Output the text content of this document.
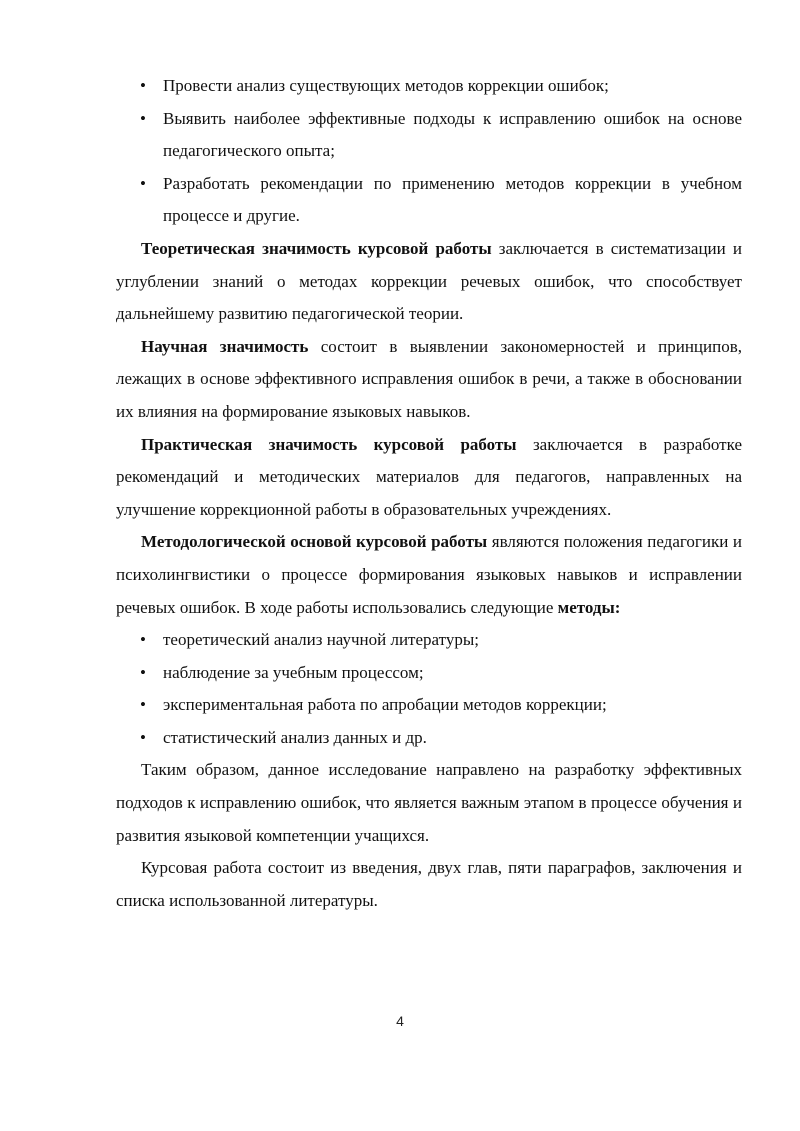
• Провести анализ существующих методов коррекции ошибок;
• Выявить наиболее эффективные подходы к исправлению ошибок на основе педагогического опыта;
• Разработать рекомендации по применению методов коррекции в учебном процессе и другие.

Теоретическая значимость курсовой работы заключается в систематизации и углублении знаний о методах коррекции речевых ошибок, что способствует дальнейшему развитию педагогической теории.

Научная значимость состоит в выявлении закономерностей и принципов, лежащих в основе эффективного исправления ошибок в речи, а также в обосновании их влияния на формирование языковых навыков.

Практическая значимость курсовой работы заключается в разработке рекомендаций и методических материалов для педагогов, направленных на улучшение коррекционной работы в образовательных учреждениях.

Методологической основой курсовой работы являются положения педагогики и психолингвистики о процессе формирования языковых навыков и исправлении речевых ошибок. В ходе работы использовались следующие методы:

• теоретический анализ научной литературы;
• наблюдение за учебным процессом;
• экспериментальная работа по апробации методов коррекции;
• статистический анализ данных и др.

Таким образом, данное исследование направлено на разработку эффективных подходов к исправлению ошибок, что является важным этапом в процессе обучения и развития языковой компетенции учащихся.

Курсовая работа состоит из введения, двух глав, пяти параграфов, заключения и списка использованной литературы.

4
